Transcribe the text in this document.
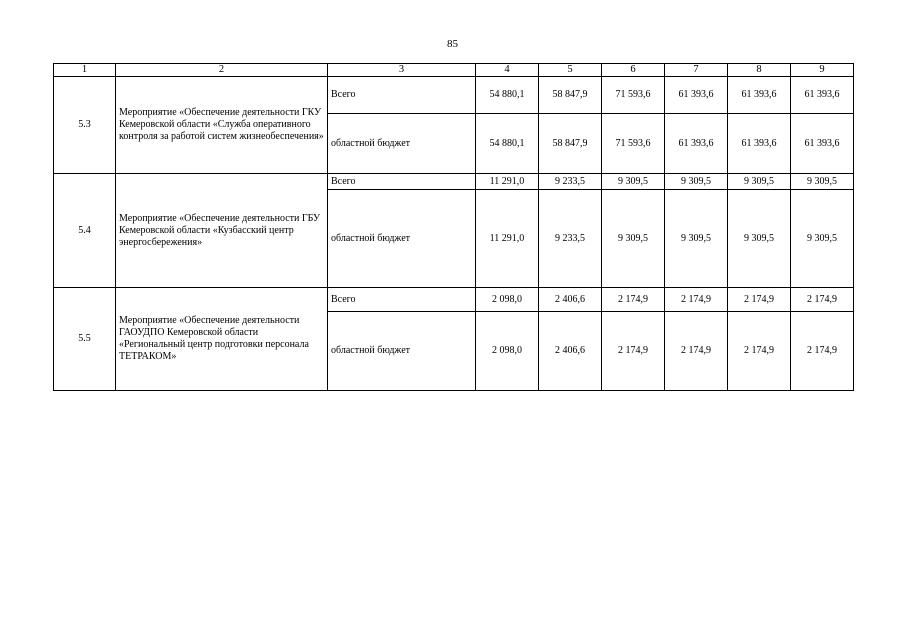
85
1	2	3	4	5	6	7	8	9
5.3	Мероприятие «Обеспечение деятельности ГКУ Кемеровской области «Служба оперативного контроля за работой систем жизнеобеспечения»	Всего	54 880,1	58 847,9	71 593,6	61 393,6	61 393,6	61 393,6
		областной бюджет	54 880,1	58 847,9	71 593,6	61 393,6	61 393,6	61 393,6
5.4	Мероприятие «Обеспечение деятельности ГБУ Кемеровской области «Кузбасский центр энергосбережения»	Всего	11 291,0	9 233,5	9 309,5	9 309,5	9 309,5	9 309,5
		областной бюджет	11 291,0	9 233,5	9 309,5	9 309,5	9 309,5	9 309,5
5.5	Мероприятие «Обеспечение деятельности ГАОУДПО Кемеровской области «Региональный центр подготовки персонала ТЕТРАКОМ»	Всего	2 098,0	2 406,6	2 174,9	2 174,9	2 174,9	2 174,9
		областной бюджет	2 098,0	2 406,6	2 174,9	2 174,9	2 174,9	2 174,9
